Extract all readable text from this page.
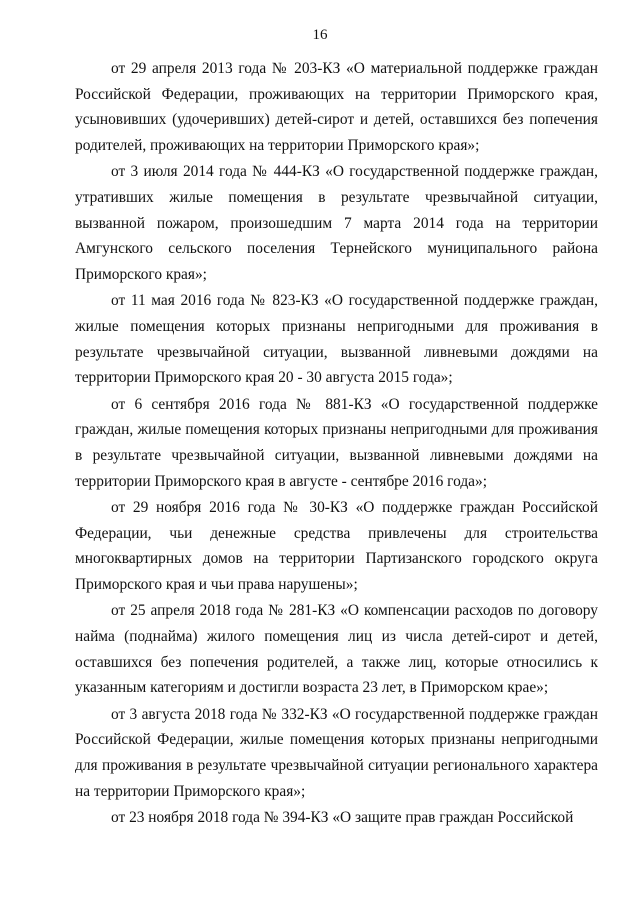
16

от 29 апреля 2013 года № 203-КЗ «О материальной поддержке граждан Российской Федерации, проживающих на территории Приморского края, усыновивших (удочеривших) детей-сирот и детей, оставшихся без попечения родителей, проживающих на территории Приморского края»;

от 3 июля 2014 года № 444-КЗ «О государственной поддержке граждан, утративших жилые помещения в результате чрезвычайной ситуации, вызванной пожаром, произошедшим 7 марта 2014 года на территории Амгунского сельского поселения Тернейского муниципального района Приморского края»;

от 11 мая 2016 года № 823-КЗ «О государственной поддержке граждан, жилые помещения которых признаны непригодными для проживания в результате чрезвычайной ситуации, вызванной ливневыми дождями на территории Приморского края 20 - 30 августа 2015 года»;

от 6 сентября 2016 года № 881-КЗ «О государственной поддержке граждан, жилые помещения которых признаны непригодными для проживания в результате чрезвычайной ситуации, вызванной ливневыми дождями на территории Приморского края в августе - сентябре 2016 года»;

от 29 ноября 2016 года № 30-КЗ «О поддержке граждан Российской Федерации, чьи денежные средства привлечены для строительства многоквартирных домов на территории Партизанского городского округа Приморского края и чьи права нарушены»;

от 25 апреля 2018 года № 281-КЗ «О компенсации расходов по договору найма (поднайма) жилого помещения лиц из числа детей-сирот и детей, оставшихся без попечения родителей, а также лиц, которые относились к указанным категориям и достигли возраста 23 лет, в Приморском крае»;

от 3 августа 2018 года № 332-КЗ «О государственной поддержке граждан Российской Федерации, жилые помещения которых признаны непригодными для проживания в результате чрезвычайной ситуации регионального характера на территории Приморского края»;

от 23 ноября 2018 года № 394-КЗ «О защите прав граждан Российской
